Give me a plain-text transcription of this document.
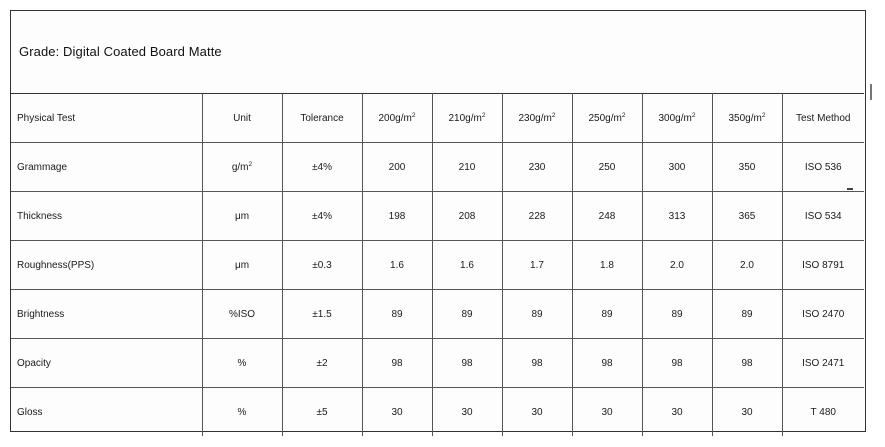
Grade: Digital Coated Board Matte
Physical Test	Unit	Tolerance	$200g/m^2$	$210g/m^2$	$230g/m^2$	$250g/m^2$	$300g/m^2$	$350g/m^2$	Test Method
Grammage	$g/m^2$	±4%	200	210	230	250	300	350	ISO 536
Thickness	μm	±4%	198	208	228	248	313	365	ISO 534
Roughness(PPS)	μm	±0.3	1.6	1.6	1.7	1.8	2.0	2.0	ISO 8791
Brightness	%ISO	±1.5	89	89	89	89	89	89	ISO 2470
Opacity	%	±2	98	98	98	98	98	98	ISO 2471
Gloss	%	±5	30	30	30	30	30	30	T 480
